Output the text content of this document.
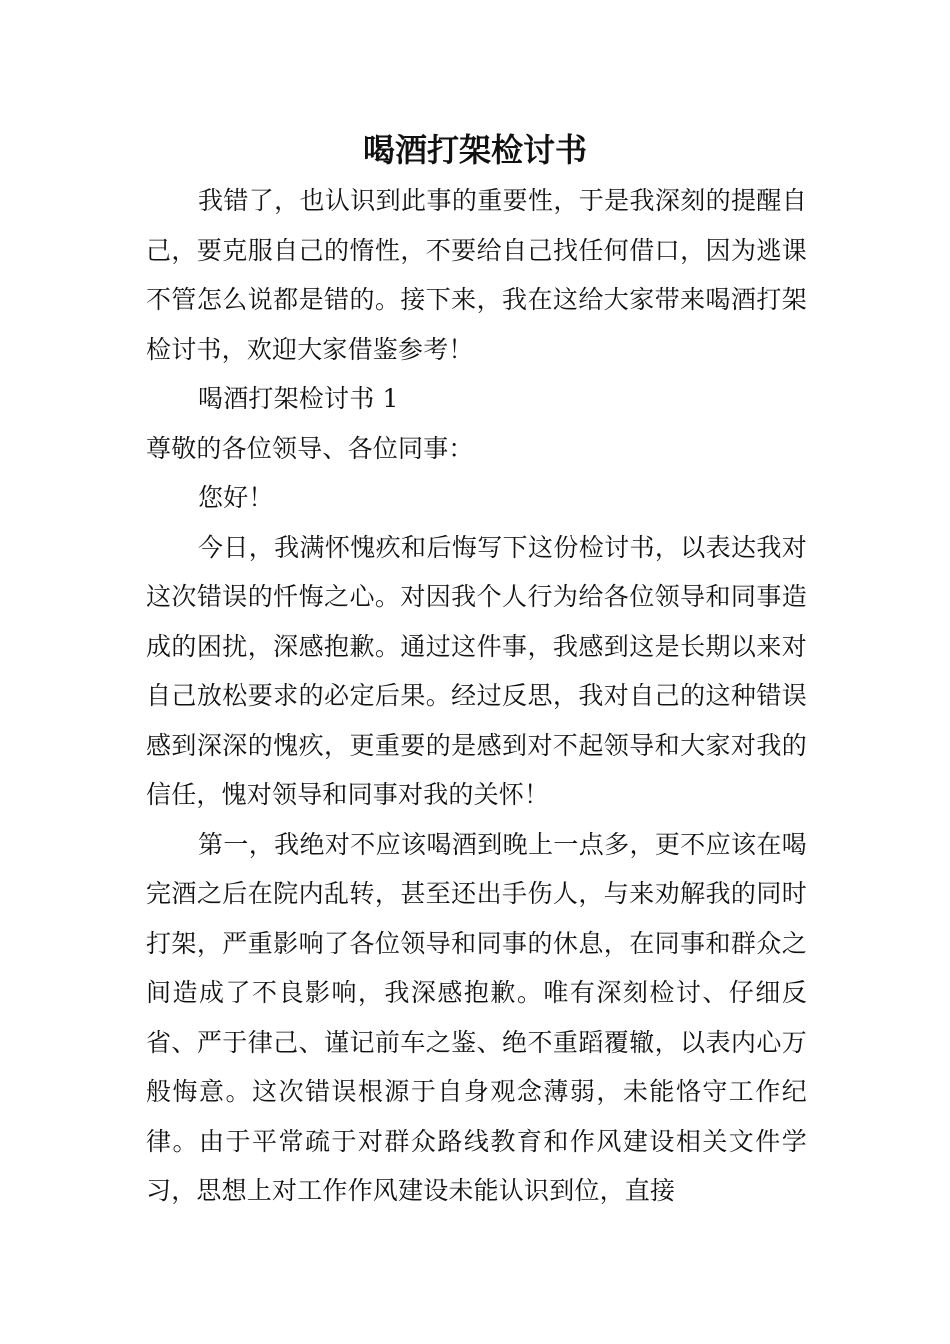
喝酒打架检讨书

我错了，也认识到此事的重要性，于是我深刻的提醒自己，要克服自己的惰性，不要给自己找任何借口，因为逃课不管怎么说都是错的。接下来，我在这给大家带来喝酒打架检讨书，欢迎大家借鉴参考！

喝酒打架检讨书 1

尊敬的各位领导、各位同事：

您好！

今日，我满怀愧疚和后悔写下这份检讨书，以表达我对这次错误的忏悔之心。对因我个人行为给各位领导和同事造成的困扰，深感抱歉。通过这件事，我感到这是长期以来对自己放松要求的必定后果。经过反思，我对自己的这种错误感到深深的愧疚，更重要的是感到对不起领导和大家对我的信任，愧对领导和同事对我的关怀！

第一，我绝对不应该喝酒到晚上一点多，更不应该在喝完酒之后在院内乱转，甚至还出手伤人，与来劝解我的同时打架，严重影响了各位领导和同事的休息，在同事和群众之间造成了不良影响，我深感抱歉。唯有深刻检讨、仔细反省、严于律己、谨记前车之鉴、绝不重蹈覆辙，以表内心万般悔意。这次错误根源于自身观念薄弱，未能恪守工作纪律。由于平常疏于对群众路线教育和作风建设相关文件学习，思想上对工作作风建设未能认识到位，直接
